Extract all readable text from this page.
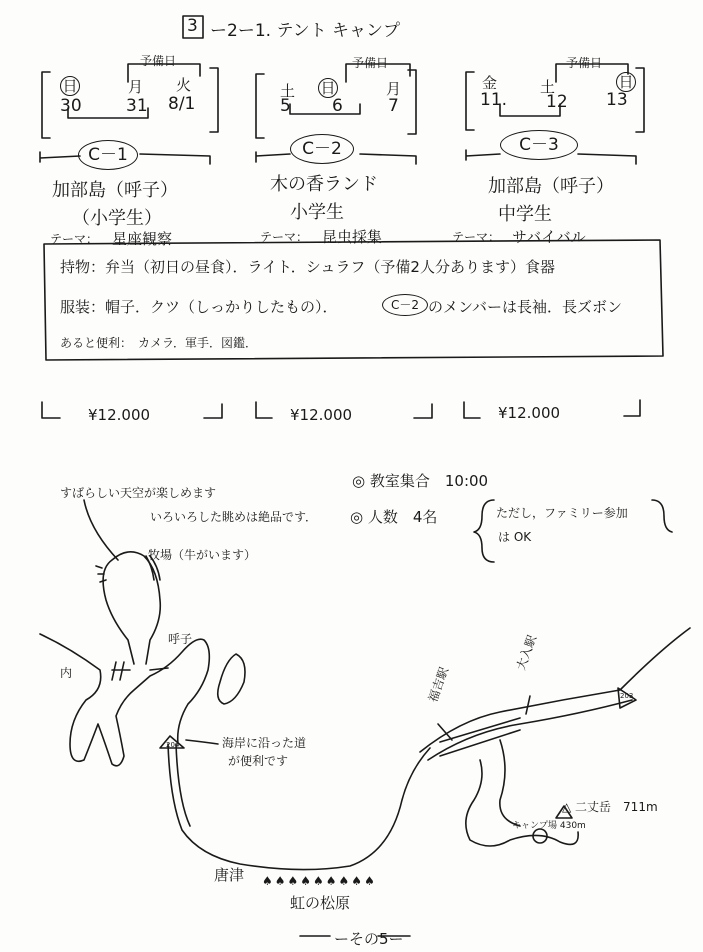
3 ー2ー1. テント キャンプ
予備日
日	月 火
30	31 8/1
C－1
加部島（呼子）
（小学生）
テーマ： 星座観察
予備日
土 日	月
5 6	7
C－2
木の香ランド
小学生
テーマ： 昆虫採集
予備日
金	土	日
11. 12 13
C－3
加部島（呼子）
中学生
テーマ： サバイバル
持物：弁当（初日の昼食）．ライト．シュラフ（予備2人分あります）食器
服装：帽子．クツ（しっかりしたもの）．	C－2 のメンバーは長袖．長ズボン
あると便利：　カメラ．軍手．図鑑．
¥12.000	¥12.000	¥12.000
◎ 教室集合　10:00
すばらしい天空が楽しめます
いろいろした眺めは絶品です． ◎ 人数　4名	ただし，ファミリー参加
は OK
牧場（牛がいます）
呼子
内
204
203
海岸に沿った道
が便利です
福吉駅
大入駅
△ 二丈岳　711m
キャンプ場 430m
唐津 ♠♠♠♠♠♠♠♠♠
虹の松原
ーその5ー
